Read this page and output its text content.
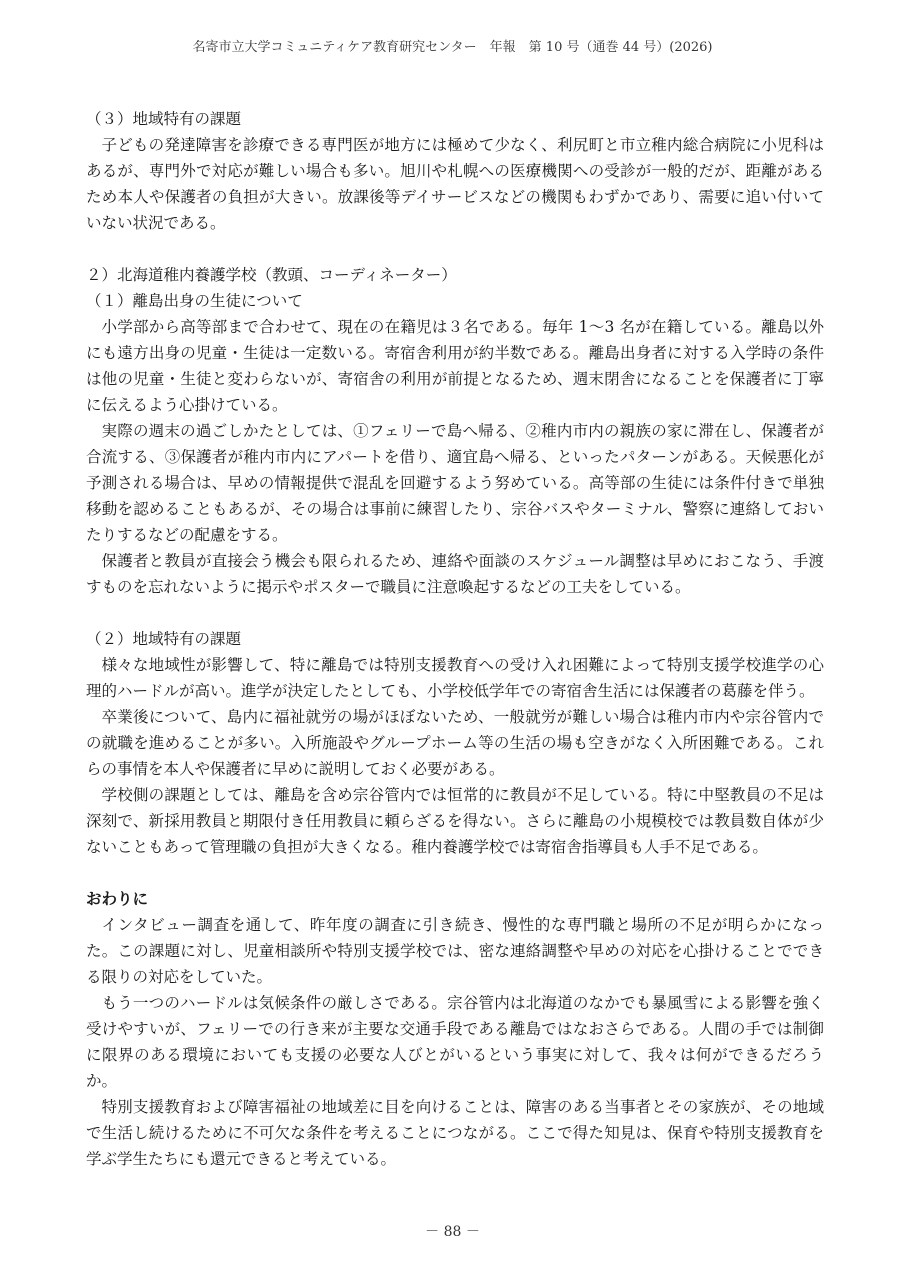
名寄市立大学コミュニティケア教育研究センター　年報　第 10 号（通巻 44 号）(2026)

（３）地域特有の課題

子どもの発達障害を診療できる専門医が地方には極めて少なく、利尻町と市立稚内総合病院に小児科はあるが、専門外で対応が難しい場合も多い。旭川や札幌への医療機関への受診が一般的だが、距離があるため本人や保護者の負担が大きい。放課後等デイサービスなどの機関もわずかであり、需要に追い付いていない状況である。

２）北海道稚内養護学校（教頭、コーディネーター）

（１）離島出身の生徒について

小学部から高等部まで合わせて、現在の在籍児は３名である。毎年 1〜3 名が在籍している。離島以外にも遠方出身の児童・生徒は一定数いる。寄宿舎利用が約半数である。離島出身者に対する入学時の条件は他の児童・生徒と変わらないが、寄宿舎の利用が前提となるため、週末閉舎になることを保護者に丁寧に伝えるよう心掛けている。

実際の週末の過ごしかたとしては、①フェリーで島へ帰る、②稚内市内の親族の家に滞在し、保護者が合流する、③保護者が稚内市内にアパートを借り、適宜島へ帰る、といったパターンがある。天候悪化が予測される場合は、早めの情報提供で混乱を回避するよう努めている。高等部の生徒には条件付きで単独移動を認めることもあるが、その場合は事前に練習したり、宗谷バスやターミナル、警察に連絡しておいたりするなどの配慮をする。

保護者と教員が直接会う機会も限られるため、連絡や面談のスケジュール調整は早めにおこなう、手渡すものを忘れないように掲示やポスターで職員に注意喚起するなどの工夫をしている。

（２）地域特有の課題

様々な地域性が影響して、特に離島では特別支援教育への受け入れ困難によって特別支援学校進学の心理的ハードルが高い。進学が決定したとしても、小学校低学年での寄宿舎生活には保護者の葛藤を伴う。

卒業後について、島内に福祉就労の場がほぼないため、一般就労が難しい場合は稚内市内や宗谷管内での就職を進めることが多い。入所施設やグループホーム等の生活の場も空きがなく入所困難である。これらの事情を本人や保護者に早めに説明しておく必要がある。

学校側の課題としては、離島を含め宗谷管内では恒常的に教員が不足している。特に中堅教員の不足は深刻で、新採用教員と期限付き任用教員に頼らざるを得ない。さらに離島の小規模校では教員数自体が少ないこともあって管理職の負担が大きくなる。稚内養護学校では寄宿舎指導員も人手不足である。

おわりに

インタビュー調査を通して、昨年度の調査に引き続き、慢性的な専門職と場所の不足が明らかになった。この課題に対し、児童相談所や特別支援学校では、密な連絡調整や早めの対応を心掛けることでできる限りの対応をしていた。

もう一つのハードルは気候条件の厳しさである。宗谷管内は北海道のなかでも暴風雪による影響を強く受けやすいが、フェリーでの行き来が主要な交通手段である離島ではなおさらである。人間の手では制御に限界のある環境においても支援の必要な人びとがいるという事実に対して、我々は何ができるだろうか。

特別支援教育および障害福祉の地域差に目を向けることは、障害のある当事者とその家族が、その地域で生活し続けるために不可欠な条件を考えることにつながる。ここで得た知見は、保育や特別支援教育を学ぶ学生たちにも還元できると考えている。

－ 88 －
